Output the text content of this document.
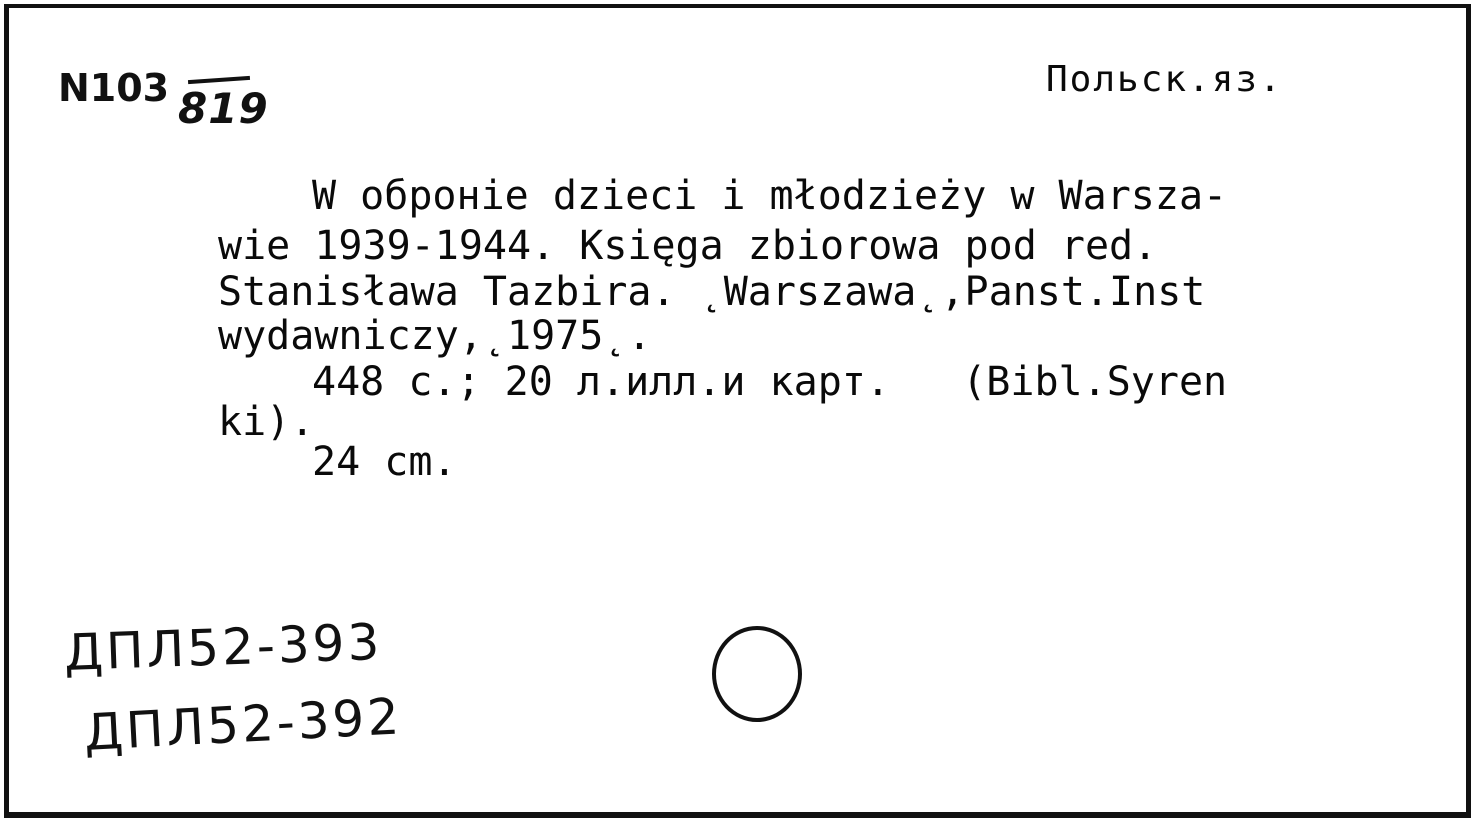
N103 819
Польск.яз.
W обронie dzieci i młodzieży w Warsza-
wie 1939-1944. Księga zbiorowa pod red.
Stanisława Tazbira. ˛Warszawa˛,Panst.Inst
wydawniczy,˛1975˛.
448 c.; 20 л.илл.и карт.   (Bibl.Syren
ki).
24 cm.
ДПЛ52-393
ДПЛ52-392
